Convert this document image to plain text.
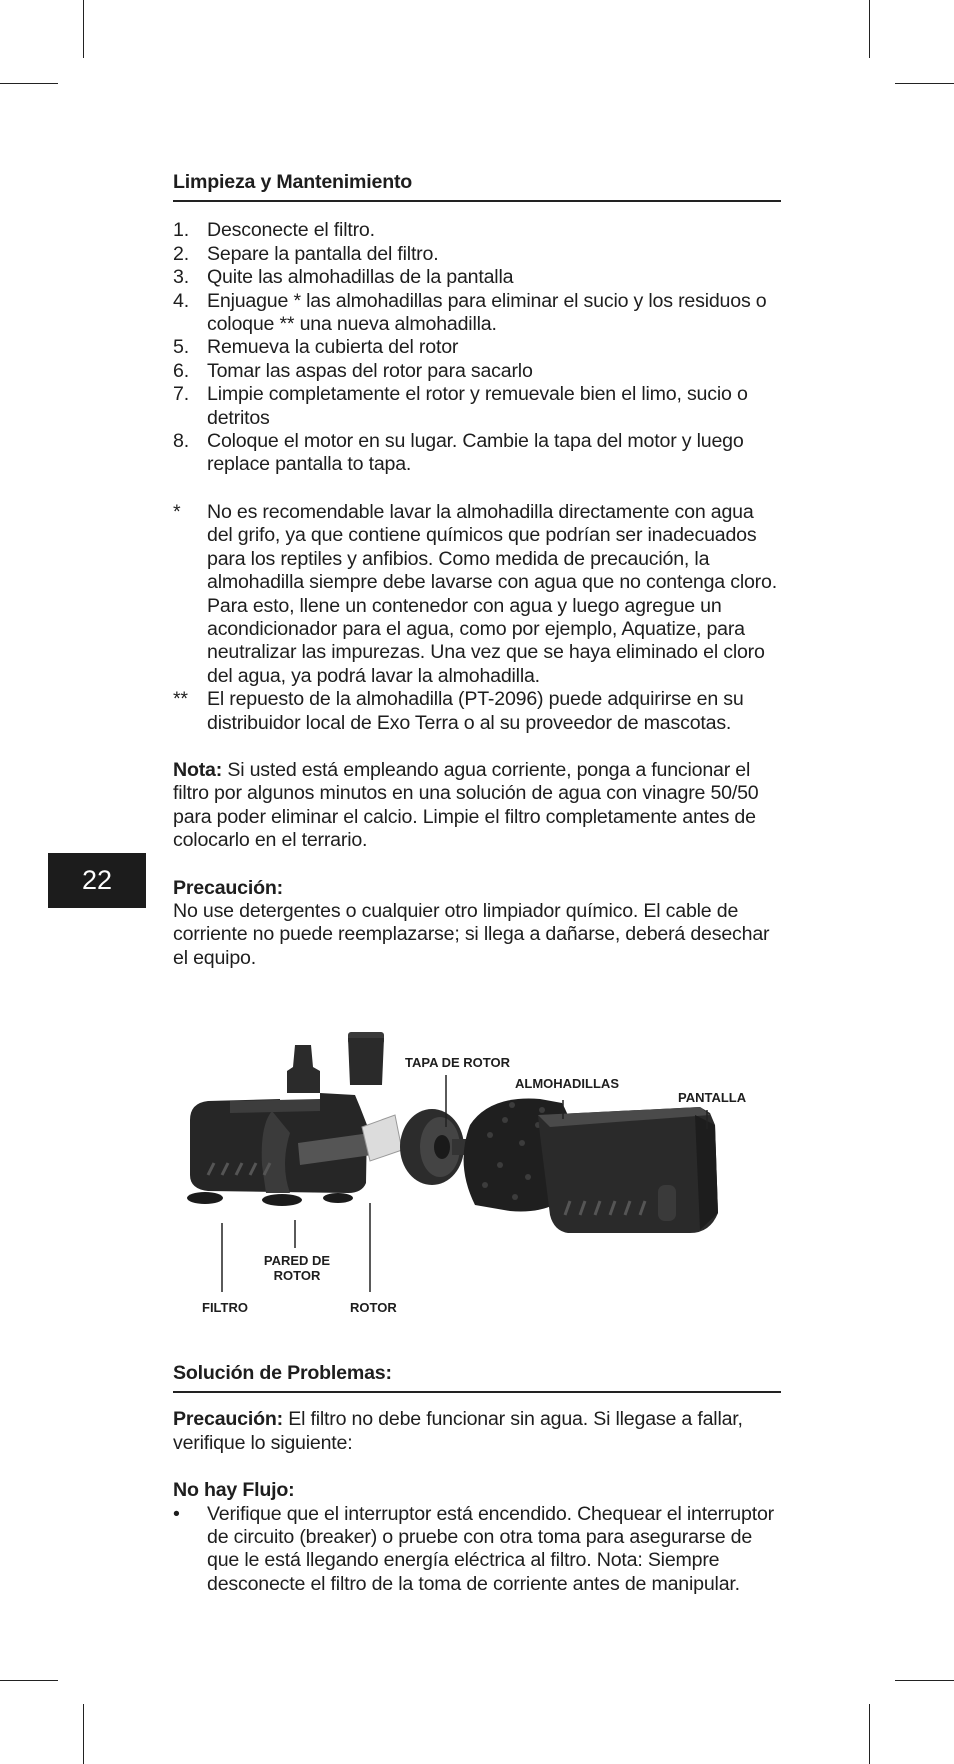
22
Limpieza y Mantenimiento
1. Desconecte el filtro.
2. Separe la pantalla del filtro.
3. Quite las almohadillas de la pantalla
4. Enjuague * las almohadillas para eliminar el sucio y los residuos o coloque ** una nueva almohadilla.
5. Remueva la cubierta del rotor
6. Tomar las aspas del rotor para sacarlo
7. Limpie completamente el rotor y remuevale bien el limo, sucio o detritos
8. Coloque el motor en su lugar. Cambie la tapa del motor y luego replace pantalla to tapa.
*	No es recomendable lavar la almohadilla directamente con agua del grifo, ya que contiene químicos que podrían ser inadecuados para los reptiles y anfibios. Como medida de precaución, la almohadilla siempre debe lavarse con agua que no contenga cloro. Para esto, llene un contenedor con agua y luego agregue un acondicionador para el agua, como por ejemplo, Aquatize, para neutralizar las impurezas. Una vez que se haya eliminado el cloro del agua, ya podrá lavar la almohadilla.
** El repuesto de la almohadilla (PT-2096) puede adquirirse en su distribuidor local de Exo Terra o al su proveedor de mascotas.

Nota: Si usted está empleando agua corriente, ponga a funcionar el filtro por algunos minutos en una solución de agua con vinagre 50/50 para poder eliminar el calcio. Limpie el filtro completamente antes de colocarlo en el terrario.

Precaución:

No use detergentes o cualquier otro limpiador químico. El cable de corriente no puede reemplazarse; si llega a dañarse, deberá desechar el equipo.

TAPA DE ROTOR
ALMOHADILLAS
PANTALLA
PARED DE
ROTOR
FILTRO	ROTOR
Solución de Problemas:

Precaución: El filtro no debe funcionar sin agua. Si llegase a fallar, verifique lo siguiente:

No hay Flujo:

•	Verifique que el interruptor está encendido. Chequear el interruptor de circuito (breaker) o pruebe con otra toma para asegurarse de que le está llegando energía eléctrica al filtro. Nota: Siempre desconecte el filtro de la toma de corriente antes de manipular.
